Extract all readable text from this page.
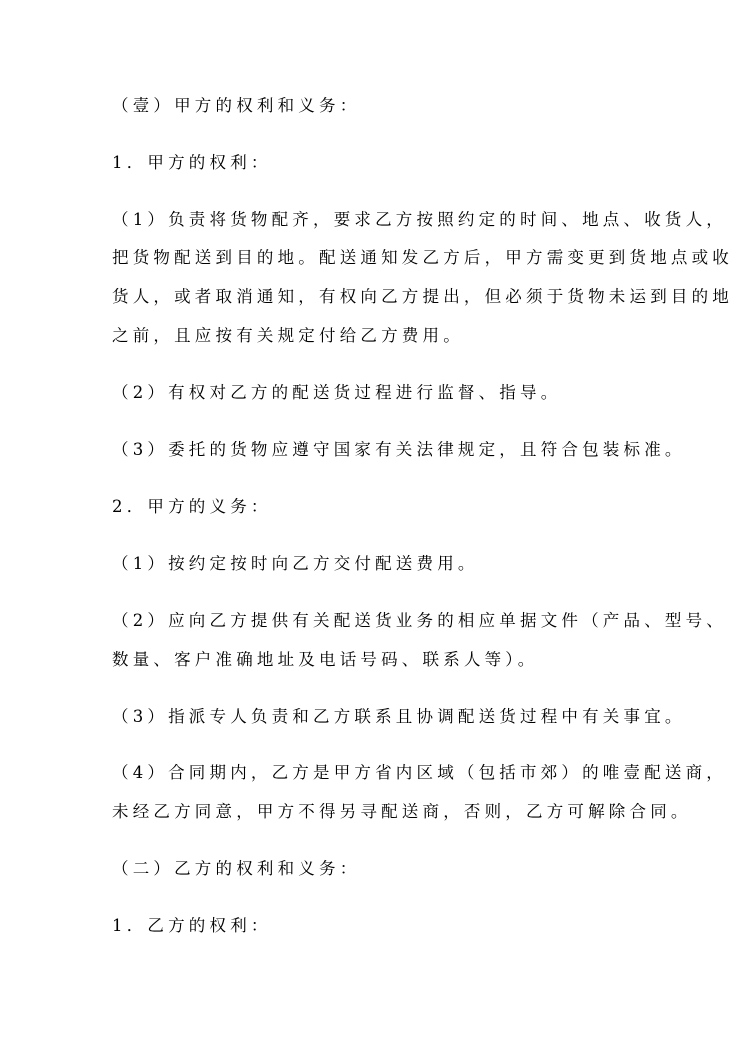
（壹）甲方的权利和义务：
1．甲方的权利：
（1）负责将货物配齐，要求乙方按照约定的时间、地点、收货人，
把货物配送到目的地。配送通知发乙方后，甲方需变更到货地点或收
货人，或者取消通知，有权向乙方提出，但必须于货物未运到目的地
之前，且应按有关规定付给乙方费用。
（2）有权对乙方的配送货过程进行监督、指导。
（3）委托的货物应遵守国家有关法律规定，且符合包装标准。
2．甲方的义务：
（1）按约定按时向乙方交付配送费用。
（2）应向乙方提供有关配送货业务的相应单据文件（产品、型号、
数量、客户准确地址及电话号码、联系人等）。
（3）指派专人负责和乙方联系且协调配送货过程中有关事宜。
（4）合同期内，乙方是甲方省内区域（包括市郊）的唯壹配送商，
未经乙方同意，甲方不得另寻配送商，否则，乙方可解除合同。
（二）乙方的权利和义务：
1．乙方的权利：
